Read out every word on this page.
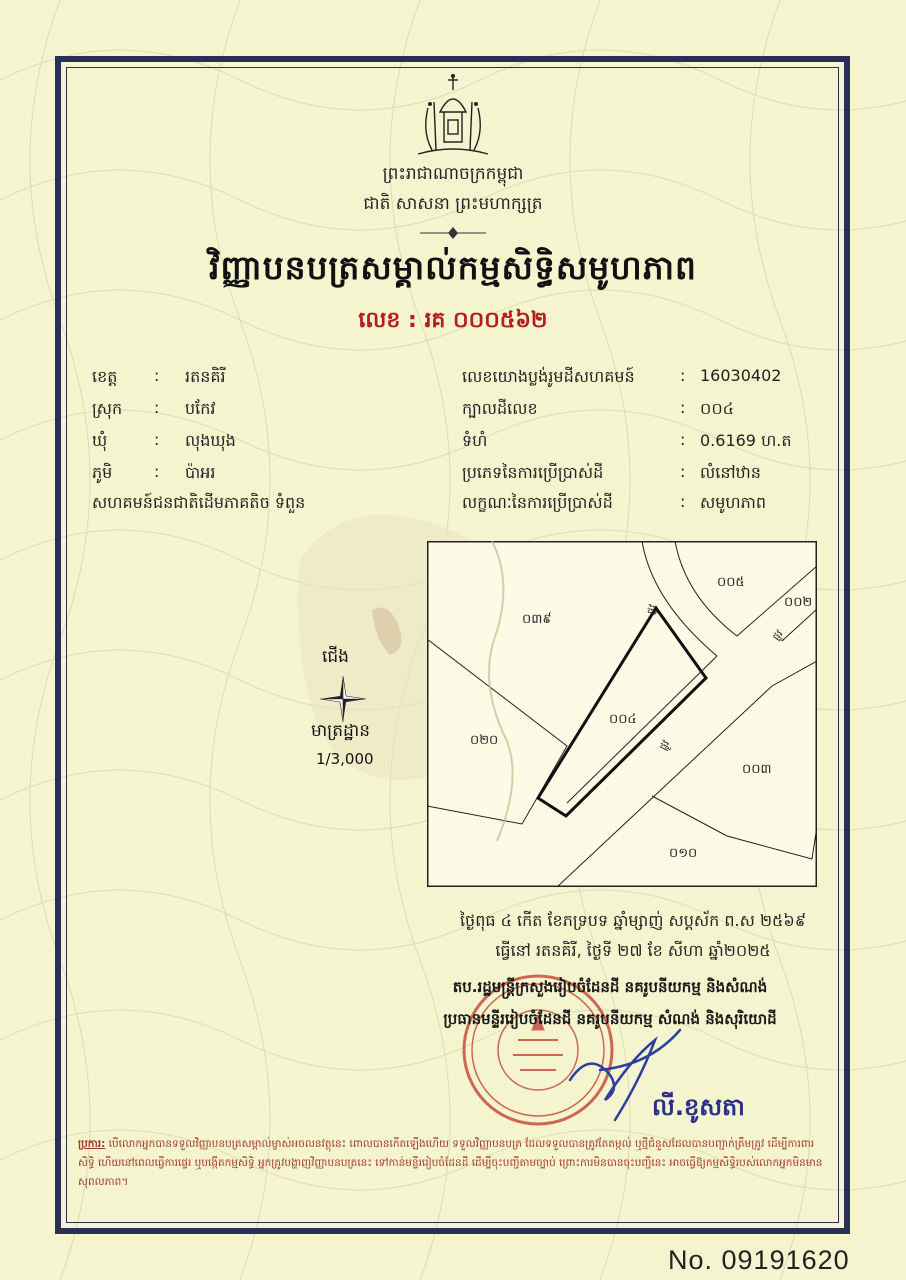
ព្រះរាជាណាចក្រកម្ពុជា
ជាតិ សាសនា ព្រះមហាក្សត្រ
វិញ្ញាបនបត្រសម្គាល់កម្មសិទ្ធិសមូហភាព
លេខ : រគ ០០០៥៦២
ខេត្ត : រតនគិរី
ស្រុក : បកែវ
ឃុំ	: លុងឃុង
ភូមិ	: ប៉ាអរ
សហគមន៍ជនជាតិដើមភាគតិច ទំពួន
លេខយោងប្លង់រូមដីសហគមន៍	: 16030402
ក្បាលដីលេខ	: ០០៤
ទំហំ	: 0.6169 ហ.ត
ប្រភេទនៃការប្រើប្រាស់ដី	: លំនៅឋាន
លក្ខណៈនៃការប្រើប្រាស់ដី	: សមូហភាព
ជើង
មាត្រដ្ឋាន
1/3,000
០០៥
០០២
០៣៩
០០៤
០២០
០០៣
០១០
ផ្លូវ
ផ្លូវ
ផ្លូវ
ថ្ងៃពុធ ៤ កើត ខែភទ្របទ ឆ្នាំម្សាញ់ សប្តស័ក ព.ស ២៥៦៩
ធ្វើនៅ រតនគិរី, ថ្ងៃទី ២៧ ខែ សីហា ឆ្នាំ២០២៥
តប.រដ្ឋមន្ត្រីក្រសួងរៀបចំដែនដី នគរូបនីយកម្ម និងសំណង់
ប្រធានមន្ទីររៀបចំដែនដី នគរូបនីយកម្ម សំណង់ និងសុរិយោដី
លី.ខូសតា
ប្រការ: បើលោកអ្នកបានទទួលវិញ្ញាបនបត្រសម្គាល់ម្ចាស់អចលនវត្ថុនេះ ពោលបានកើតឡើងហើយ ទទួលវិញ្ញាបនបត្រ ដែលទទួលបានត្រូវតែតម្កល់ ឬថ្មីជំនួសដែលបានបញ្ជាក់ត្រឹមត្រូវ ដើម្បីការពារសិទ្ធិ ហើយនៅពេលធ្វើការផ្ទេរ ឬបង្កើតកម្មសិទ្ធិ អ្នកត្រូវបង្ហាញវិញ្ញាបនបត្រនេះ ទៅកាន់មន្ទីររៀបចំដែនដី ដើម្បីចុះបញ្ជីតាមច្បាប់ ព្រោះការមិនបានចុះបញ្ជីនេះ អាចធ្វើឱ្យកម្មសិទ្ធិរបស់លោកអ្នកមិនមានសុពលភាព។
No. 09191620
